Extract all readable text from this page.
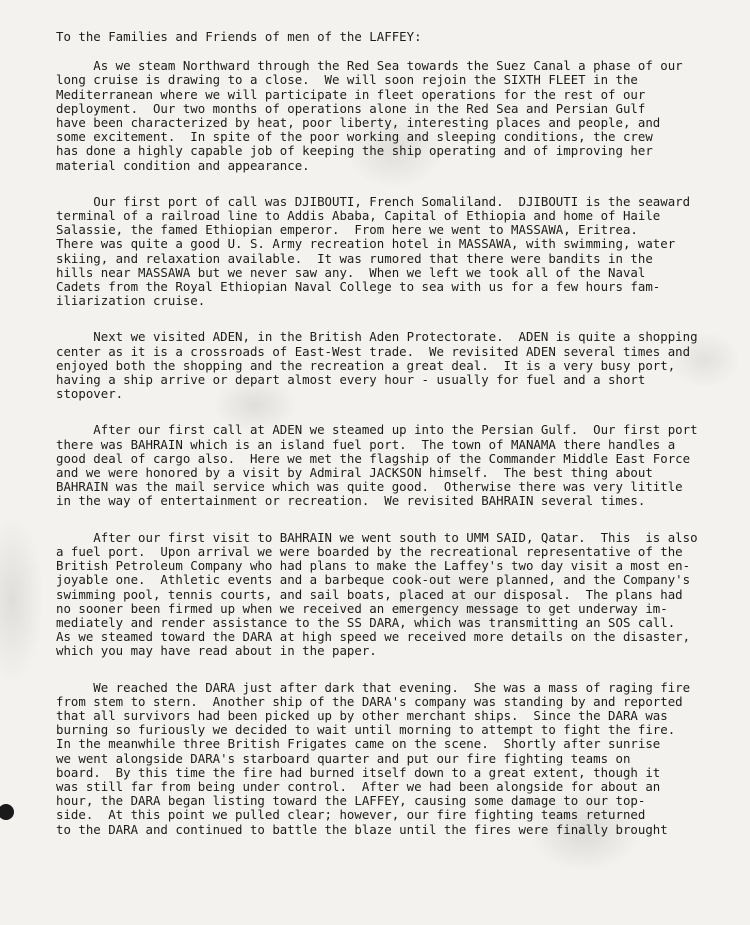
To the Families and Friends of men of the LAFFEY:
As we steam Northward through the Red Sea towards the Suez Canal a phase of our
long cruise is drawing to a close.  We will soon rejoin the SIXTH FLEET in the
Mediterranean where we will participate in fleet operations for the rest of our
deployment.  Our two months of operations alone in the Red Sea and Persian Gulf
have been characterized by heat, poor liberty, interesting places and people, and
some excitement.  In spite of the poor working and sleeping conditions, the crew
has done a highly capable job of keeping the ship operating and of improving her
material condition and appearance.
Our first port of call was DJIBOUTI, French Somaliland.  DJIBOUTI is the seaward
terminal of a railroad line to Addis Ababa, Capital of Ethiopia and home of Haile
Salassie, the famed Ethiopian emperor.  From here we went to MASSAWA, Eritrea.
There was quite a good U. S. Army recreation hotel in MASSAWA, with swimming, water
skiing, and relaxation available.  It was rumored that there were bandits in the
hills near MASSAWA but we never saw any.  When we left we took all of the Naval
Cadets from the Royal Ethiopian Naval College to sea with us for a few hours fam-
iliarization cruise.
Next we visited ADEN, in the British Aden Protectorate.  ADEN is quite a shopping
center as it is a crossroads of East-West trade.  We revisited ADEN several times and
enjoyed both the shopping and the recreation a great deal.  It is a very busy port,
having a ship arrive or depart almost every hour - usually for fuel and a short
stopover.
After our first call at ADEN we steamed up into the Persian Gulf.  Our first port
there was BAHRAIN which is an island fuel port.  The town of MANAMA there handles a
good deal of cargo also.  Here we met the flagship of the Commander Middle East Force
and we were honored by a visit by Admiral JACKSON himself.  The best thing about
BAHRAIN was the mail service which was quite good.  Otherwise there was very lititle
in the way of entertainment or recreation.  We revisited BAHRAIN several times.
After our first visit to BAHRAIN we went south to UMM SAID, Qatar.  This  is also
a fuel port.  Upon arrival we were boarded by the recreational representative of the
British Petroleum Company who had plans to make the Laffey's two day visit a most en-
joyable one.  Athletic events and a barbeque cook-out were planned, and the Company's
swimming pool, tennis courts, and sail boats, placed at our disposal.  The plans had
no sooner been firmed up when we received an emergency message to get underway im-
mediately and render assistance to the SS DARA, which was transmitting an SOS call.
As we steamed toward the DARA at high speed we received more details on the disaster,
which you may have read about in the paper.
We reached the DARA just after dark that evening.  She was a mass of raging fire
from stem to stern.  Another ship of the DARA's company was standing by and reported
that all survivors had been picked up by other merchant ships.  Since the DARA was
burning so furiously we decided to wait until morning to attempt to fight the fire.
In the meanwhile three British Frigates came on the scene.  Shortly after sunrise
we went alongside DARA's starboard quarter and put our fire fighting teams on
board.  By this time the fire had burned itself down to a great extent, though it
was still far from being under control.  After we had been alongside for about an
hour, the DARA began listing toward the LAFFEY, causing some damage to our top-
side.  At this point we pulled clear; however, our fire fighting teams returned
to the DARA and continued to battle the blaze until the fires were finally brought
